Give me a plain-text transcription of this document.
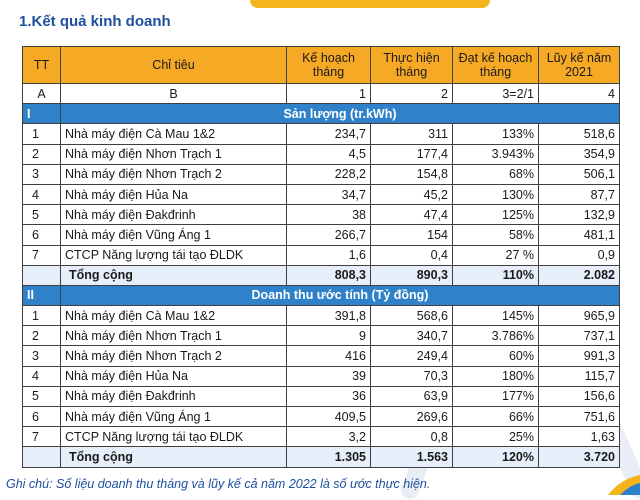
1.Kết quả kinh doanh
TT	Chỉ tiêu	Kế hoạch tháng	Thực hiện tháng	Đạt kế hoạch tháng	Lũy kế năm 2021
A	B	1	2	3=2/1	4
I	Sản lượng (tr.kWh)				
1	Nhà máy điện Cà Mau 1&2	234,7	311	133%	518,6
2	Nhà máy điện Nhơn Trạch 1	4,5	177,4	3.943%	354,9
3	Nhà máy điện Nhơn Trạch 2	228,2	154,8	68%	506,1
4	Nhà máy điện Hủa Na	34,7	45,2	130%	87,7
5	Nhà máy điện Đakđrinh	38	47,4	125%	132,9
6	Nhà máy điện Vũng Áng 1	266,7	154	58%	481,1
7	CTCP Năng lượng tái tạo ĐLDK	1,6	0,4	27 %	0,9
	Tổng cộng	808,3	890,3	110%	2.082
II	Doanh thu ước tính (Tỷ đồng)				
1	Nhà máy điện Cà Mau 1&2	391,8	568,6	145%	965,9
2	Nhà máy điện Nhơn Trạch 1	9	340,7	3.786%	737,1
3	Nhà máy điện Nhơn Trạch 2	416	249,4	60%	991,3
4	Nhà máy điện Hủa Na	39	70,3	180%	115,7
5	Nhà máy điện Đakđrinh	36	63,9	177%	156,6
6	Nhà máy điện Vũng Áng 1	409,5	269,6	66%	751,6
7	CTCP Năng lượng tái tạo ĐLDK	3,2	0,8	25%	1,63
	Tổng cộng	1.305	1.563	120%	3.720
Ghi chú: Số liệu doanh thu tháng và lũy kế cả năm 2022 là số ước thực hiện.
